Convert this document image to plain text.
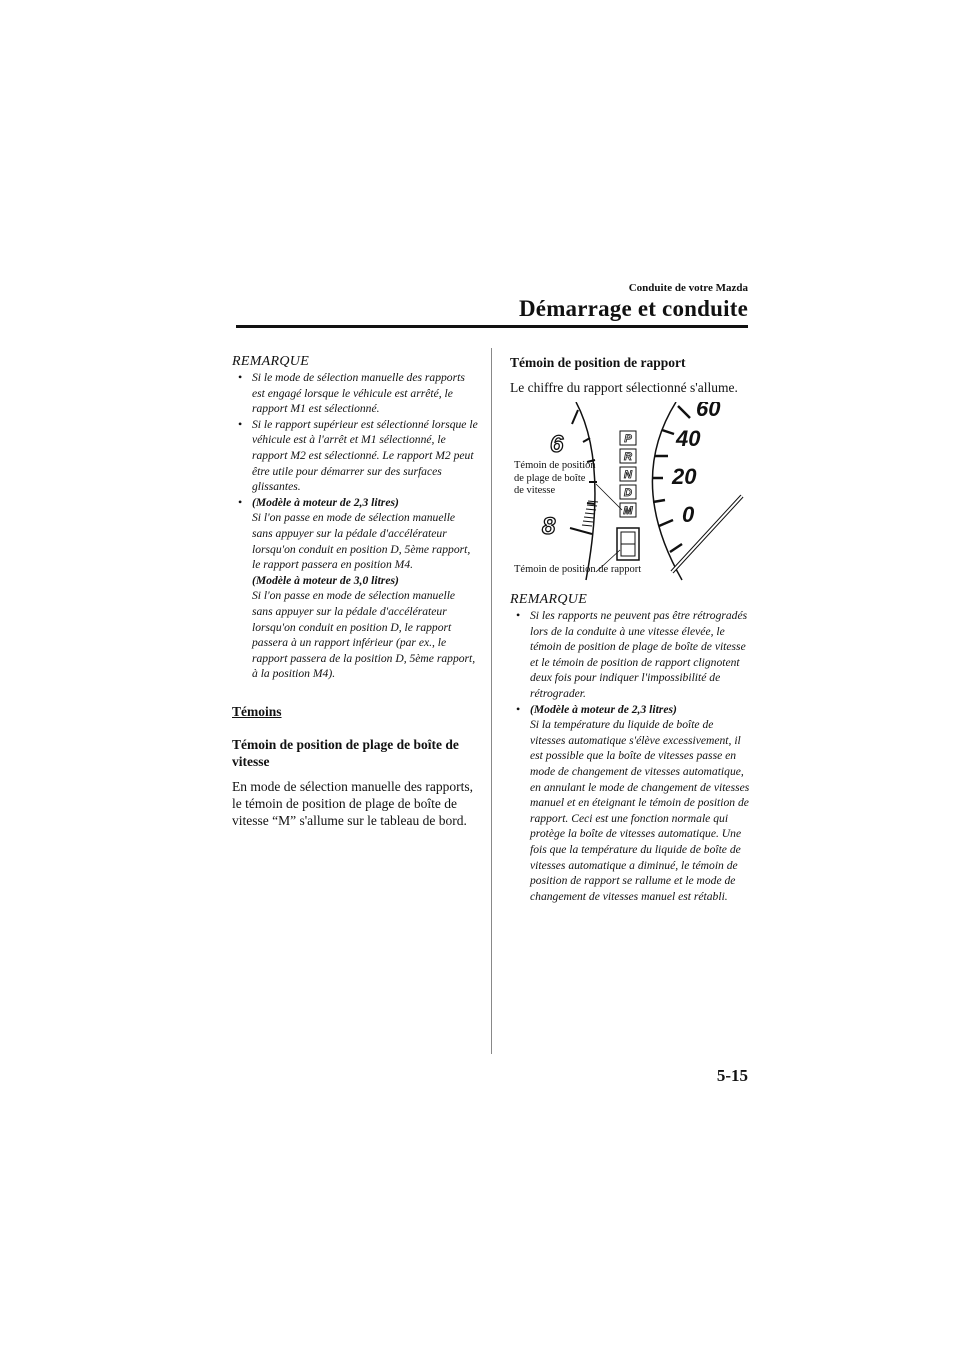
Conduite de votre Mazda
Démarrage et conduite
REMARQUE
• Si le mode de sélection manuelle des rapports est engagé lorsque le véhicule est arrêté, le rapport M1 est sélectionné.
• Si le rapport supérieur est sélectionné lorsque le véhicule est à l'arrêt et M1 sélectionné, le rapport M2 est sélectionné. Le rapport M2 peut être utile pour démarrer sur des surfaces glissantes.
• (Modèle à moteur de 2,3 litres)
Si l'on passe en mode de sélection manuelle sans appuyer sur la pédale d'accélérateur lorsqu'on conduit en position D, 5ème rapport, le rapport passera en position M4.
(Modèle à moteur de 3,0 litres)
Si l'on passe en mode de sélection manuelle sans appuyer sur la pédale d'accélérateur lorsqu'on conduit en position D, le rapport passera à un rapport inférieur (par ex., le rapport passera de la position D, 5ème rapport, à la position M4).
Témoins
Témoin de position de plage de boîte de vitesse
En mode de sélection manuelle des rapports, le témoin de position de plage de boîte de vitesse “M” s'allume sur le tableau de bord.
Témoin de position de rapport
Le chiffre du rapport sélectionné s'allume.
6
8
P
R
N
D
M
60
40
20
0
Témoin de position
de plage de boîte
de vitesse
Témoin de position de rapport
REMARQUE
• Si les rapports ne peuvent pas être rétrogradés lors de la conduite à une vitesse élevée, le témoin de position de plage de boîte de vitesse et le témoin de position de rapport clignotent deux fois pour indiquer l'impossibilité de rétrograder.
• (Modèle à moteur de 2,3 litres)
Si la température du liquide de boîte de vitesses automatique s'élève excessivement, il est possible que la boîte de vitesses passe en mode de changement de vitesses automatique, en annulant le mode de changement de vitesses manuel et en éteignant le témoin de position de rapport. Ceci est une fonction normale qui protège la boîte de vitesses automatique. Une fois que la température du liquide de boîte de vitesses automatique a diminué, le témoin de position de rapport se rallume et le mode de changement de vitesses manuel est rétabli.
5-15
